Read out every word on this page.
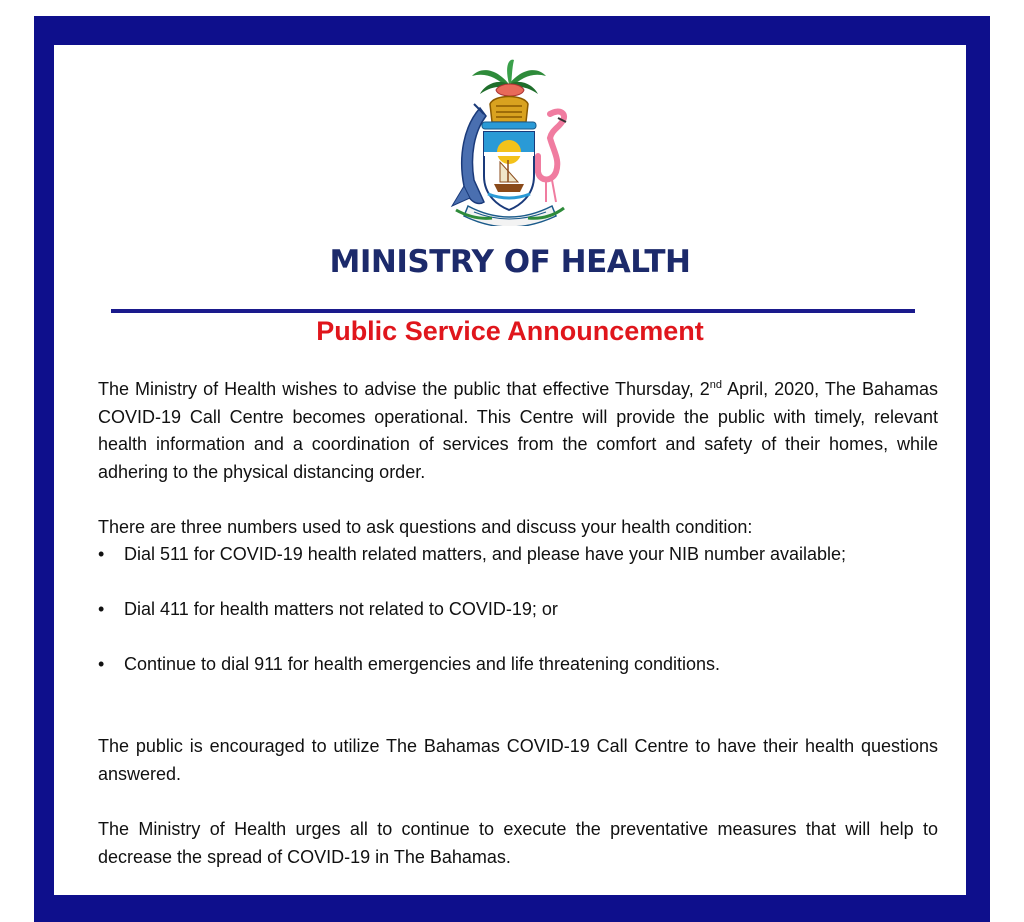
MINISTRY OF HEALTH
Public Service Announcement

The Ministry of Health wishes to advise the public that effective Thursday, 2nd April, 2020, The Bahamas COVID-19 Call Centre becomes operational. This Centre will provide the public with timely, relevant health information and a coordination of services from the comfort and safety of their homes, while adhering to the physical distancing order.

There are three numbers used to ask questions and discuss your health condition:

• Dial 511 for COVID-19 health related matters, and please have your NIB number available;
• Dial 411 for health matters not related to COVID-19; or
• Continue to dial 911 for health emergencies and life threatening conditions.

The public is encouraged to utilize The Bahamas COVID-19 Call Centre to have their health questions answered.

The Ministry of Health urges all to continue to execute the preventative measures that will help to decrease the spread of COVID-19 in The Bahamas.
